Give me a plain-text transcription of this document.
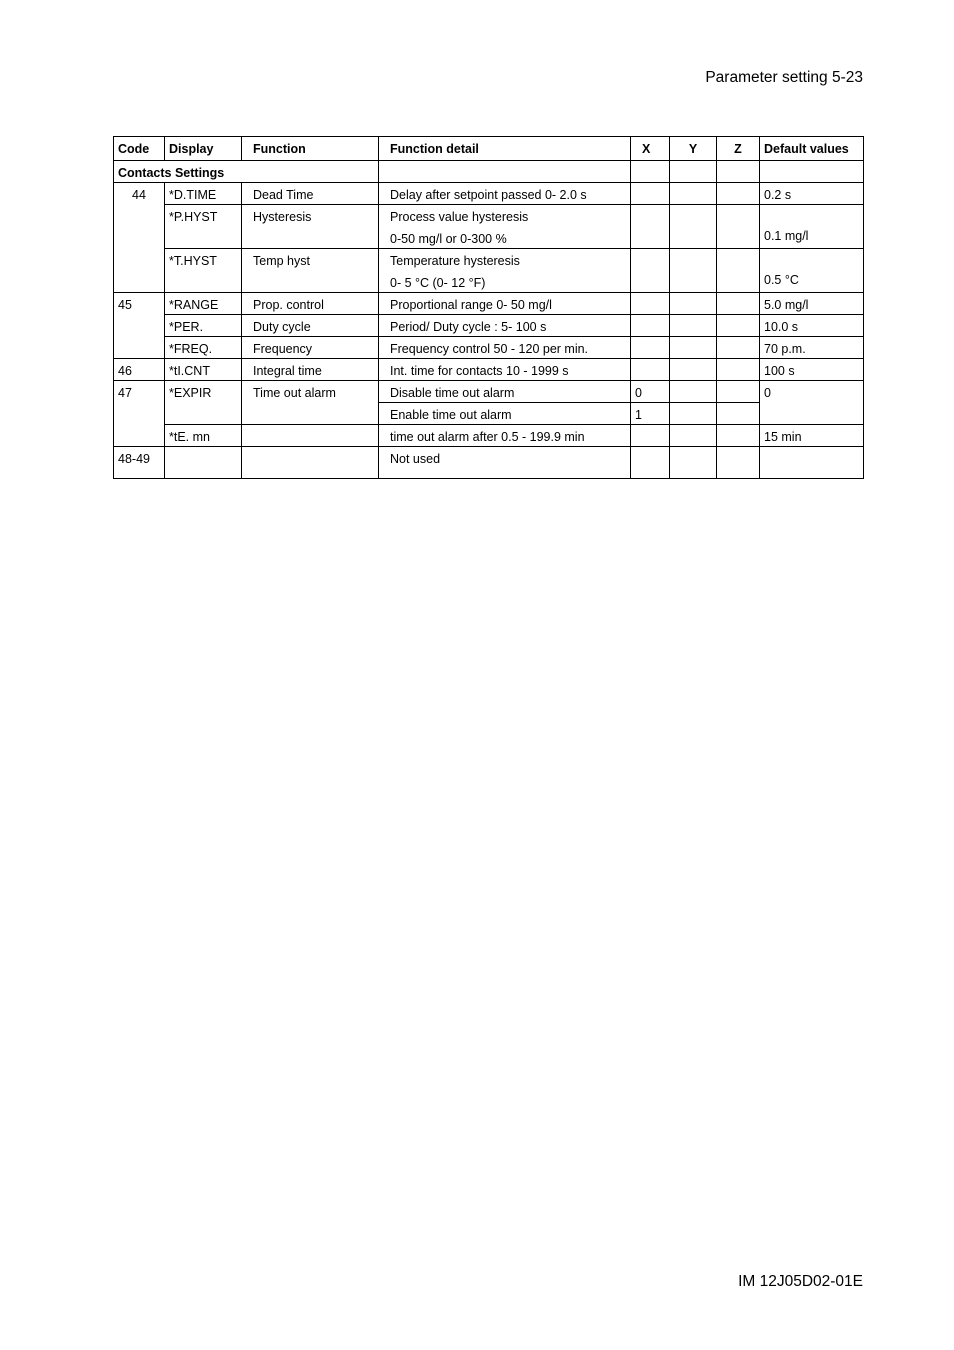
Parameter setting 5-23
Code	Display	Function	Function detail	X	Y	Z	Default values
Contacts Settings							
44	*D.TIME	Dead Time	Delay after setpoint passed 0- 2.0 s				0.2 s
	*P.HYST	Hysteresis	Process value hysteresis
0-50 mg/l or 0-300 %				0.1 mg/l
	*T.HYST	Temp hyst	Temperature hysteresis
0- 5 °C (0- 12 °F)				0.5 °C
45	*RANGE	Prop. control	Proportional range 0- 50 mg/l				5.0 mg/l
	*PER.	Duty cycle	Period/ Duty cycle : 5- 100 s				10.0 s
	*FREQ.	Frequency	Frequency control 50 - 120 per min.				70 p.m.
46	*tI.CNT	Integral time	Int. time for contacts 10 - 1999 s				100 s
47	*EXPIR	Time out alarm	Disable time out alarm	0			0
			Enable time out alarm	1			
	*tE. mn		time out alarm after 0.5 - 199.9 min				15 min
48-49			Not used				
IM 12J05D02-01E
